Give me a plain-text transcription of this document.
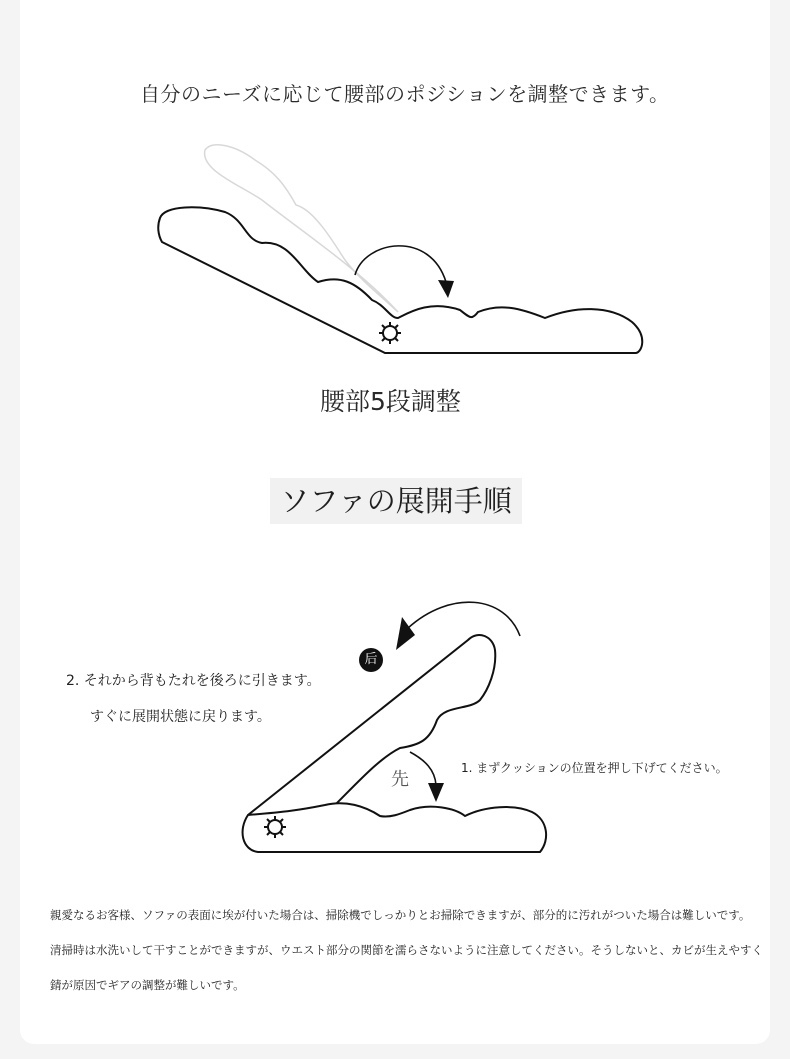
自分のニーズに応じて腰部のポジションを調整できます。
腰部5段調整
ソファの展開手順
后
先
2. それから背もたれを後ろに引きます。
すぐに展開状態に戻ります。
1. まずクッションの位置を押し下げてください。
親愛なるお客様、ソファの表面に埃が付いた場合は、掃除機でしっかりとお掃除できますが、部分的に汚れがついた場合は難しいです。
清掃時は水洗いして干すことができますが、ウエスト部分の関節を濡らさないように注意してください。そうしないと、カビが生えやすく
錆が原因でギアの調整が難しいです。
